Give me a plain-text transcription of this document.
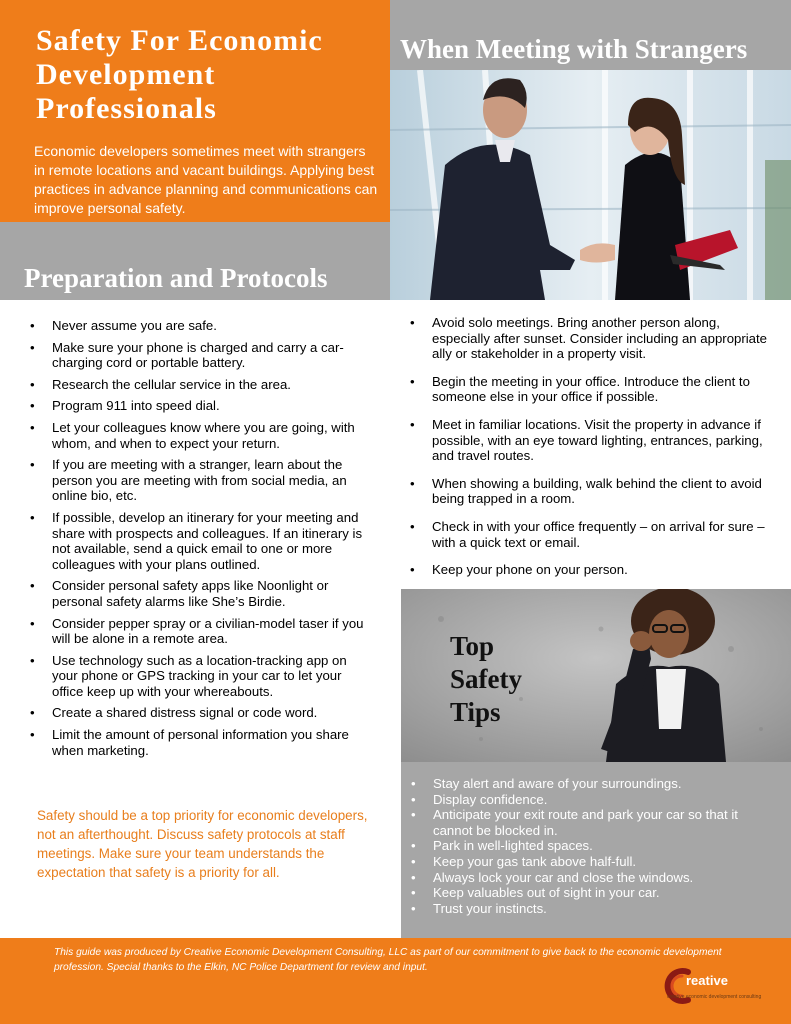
Safety For Economic Development Professionals

Economic developers sometimes meet with strangers in remote locations and vacant buildings. Applying best practices in advance planning and communications can improve personal safety.

Preparation and Protocols
When Meeting with Strangers
• Never assume you are safe.
• Make sure your phone is charged and carry a car-charging cord or portable battery.
• Research the cellular service in the area.
• Program 911 into speed dial.
• Let your colleagues know where you are going, with whom, and when to expect your return.
• If you are meeting with a stranger, learn about the person you are meeting with from social media, an online bio, etc.
• If possible, develop an itinerary for your meeting and share with prospects and colleagues. If an itinerary is not available, send a quick email to one or more colleagues with your plans outlined.
• Consider personal safety apps like Noonlight or personal safety alarms like She’s Birdie.
• Consider pepper spray or a civilian-model taser if you will be alone in a remote area.
• Use technology such as a location-tracking app on your phone or GPS tracking in your car to let your office keep up with your whereabouts.
• Create a shared distress signal or code word.
• Limit the amount of personal information you share when marketing.

Safety should be a top priority for economic developers, not an afterthought. Discuss safety protocols at staff meetings. Make sure your team understands the expectation that safety is a priority for all.

• Avoid solo meetings. Bring another person along, especially after sunset. Consider including an appropriate ally or stakeholder in a property visit.
• Begin the meeting in your office. Introduce the client to someone else in your office if possible.
• Meet in familiar locations. Visit the property in advance if possible, with an eye toward lighting, entrances, parking, and travel routes.
• When showing a building, walk behind the client to avoid being trapped in a room.
• Check in with your office frequently – on arrival for sure – with a quick text or email.
• Keep your phone on your person.
Top Safety Tips
• Stay alert and aware of your surroundings.
• Display confidence.
• Anticipate your exit route and park your car so that it cannot be blocked in.
• Park in well-lighted spaces.
• Keep your gas tank above half-full.
• Always lock your car and close the windows.
• Keep valuables out of sight in your car.
• Trust your instincts.

This guide was produced by Creative Economic Development Consulting, LLC as part of our commitment to give back to the economic development profession. Special thanks to the Elkin, NC Police Department for review and input.

reative
creative economic development consulting
